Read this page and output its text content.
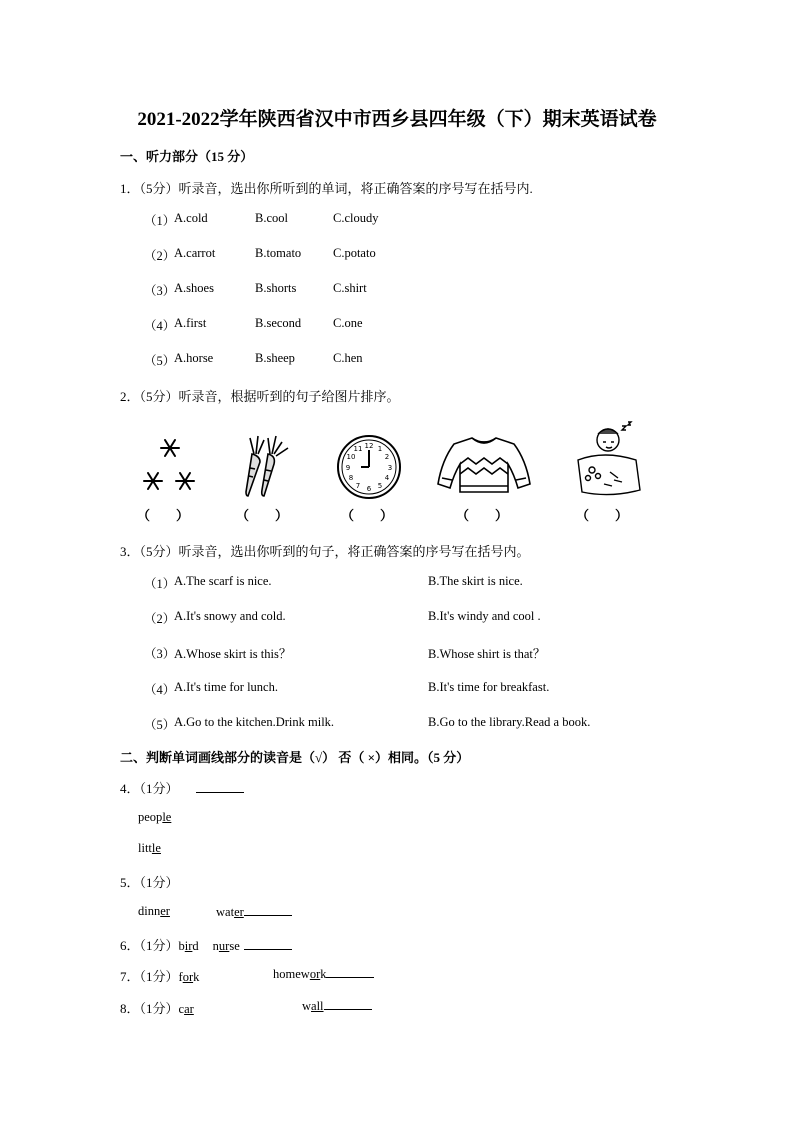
2021-2022学年陕西省汉中市西乡县四年级（下）期末英语试卷
一、听力部分（15 分）
1．（5分）听录音，选出你所听到的单词，将正确答案的序号写在括号内.
（1）
A.cold	B.cool	C.cloudy
（2）
A.carrot	B.tomato	C.potato
（3）
A.shoes	B.shorts	C.shirt
（4）
A.first	B.second	C.one
（5）
A.horse	B.sheep	C.hen
2．（5分）听录音，根据听到的句子给图片排序。
12 1
2
3
4
5
6
7
8
9
10
11
（　　）	（　　）	（　　）	（　　）	（　　）
3．（5分）听录音，选出你听到的句子，将正确答案的序号写在括号内。
（1）
A.The scarf is nice.	B.The skirt is nice.
（2）
A.It's snowy and cold.	B.It's windy and cool .
（3）
A.Whose skirt is this？	B.Whose shirt is that？
（4）
A.It's time for lunch.	B.It's time for breakfast.
（5）
A.Go to the kitchen.Drink milk.	B.Go to the library.Read a book.
二、判断单词画线部分的读音是（√） 否（ ×）相同。（5 分）
4．（1分）
people
little
5．（1分）
dinner	water
6．（1分）bird nurse
7．（1分）fork	homework
8．（1分）car	wall
